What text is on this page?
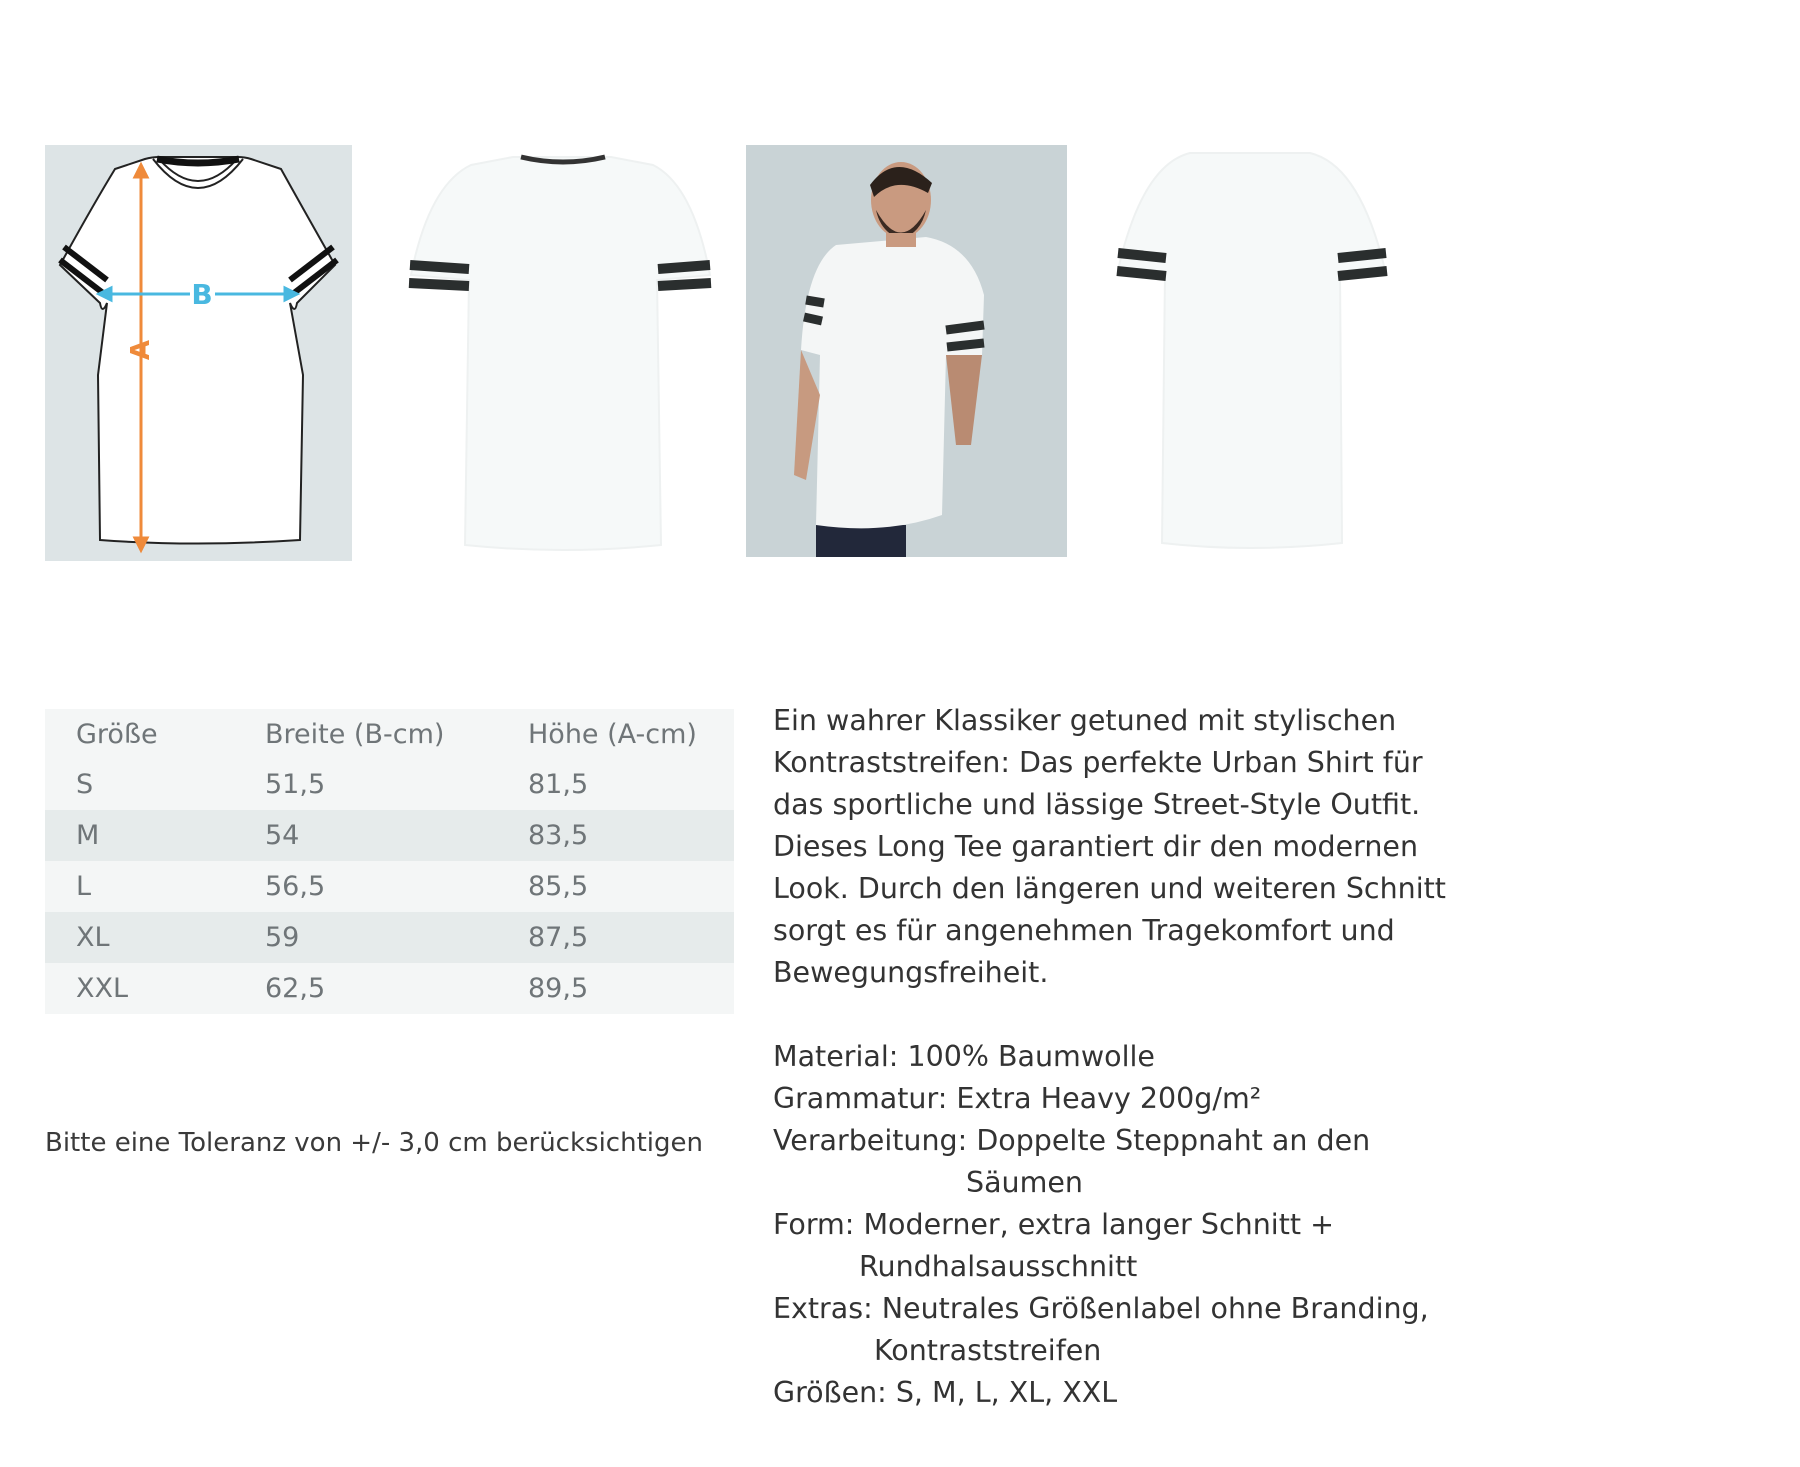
A
B
Größe	Breite (B-cm)	Höhe (A-cm)
S	51,5	81,5
M	54	83,5
L	56,5	85,5
XL	59	87,5
XXL	62,5	89,5
Bitte eine Toleranz von +/- 3,0 cm berücksichtigen

Ein wahrer Klassiker getuned mit stylischen

Kontraststreifen: Das perfekte Urban Shirt für

das sportliche und lässige Street-Style Outfit.

Dieses Long Tee garantiert dir den modernen

Look. Durch den längeren und weiteren Schnitt

sorgt es für angenehmen Tragekomfort und

Bewegungsfreiheit.

Material: 100% Baumwolle
Grammatur: Extra Heavy 200g/m²
Verarbeitung: Doppelte Steppnaht an den
Säumen
Form: Moderner, extra langer Schnitt +
Rundhalsausschnitt
Extras: Neutrales Größenlabel ohne Branding,
Kontraststreifen
Größen: S, M, L, XL, XXL
